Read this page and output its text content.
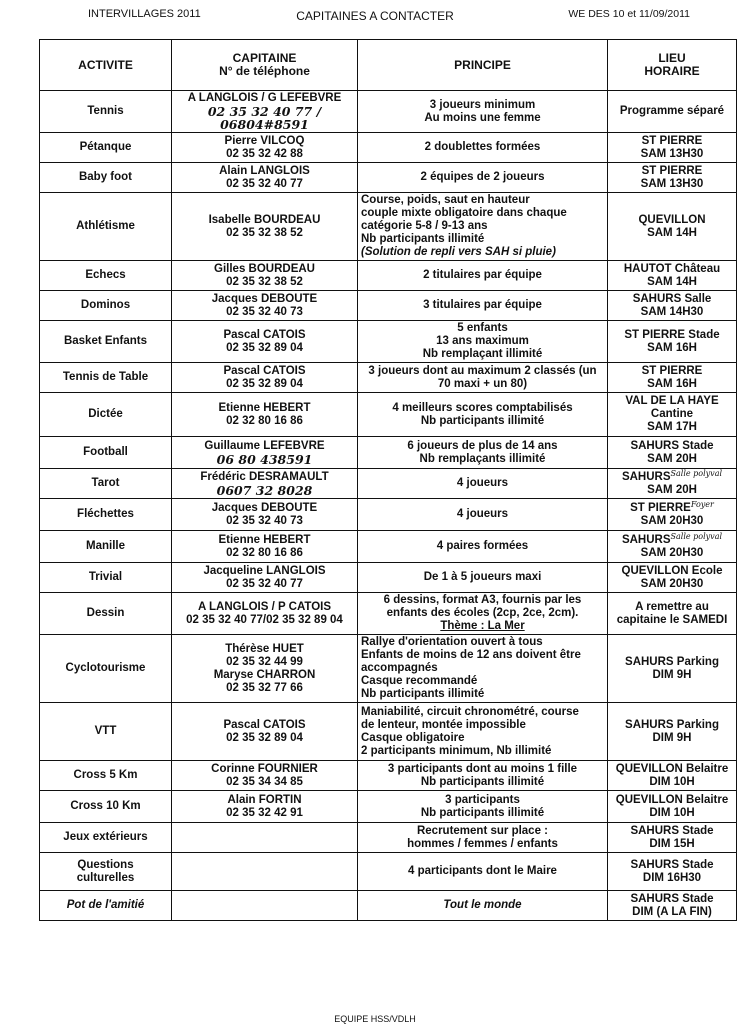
INTERVILLAGES 2011	CAPITAINES A CONTACTER	WE DES 10 et 11/09/2011
ACTIVITE	CAPITAINE
N° de téléphone	PRINCIPE	LIEU
HORAIRE

Tennis	A LANGLOIS / G LEFEBVRE
02 35 32 40 77 / 06804#8591	3 joueurs minimum
Au moins une femme	Programme séparé

Pétanque	Pierre VILCOQ
02 35 32 42 88	2 doublettes formées	ST PIERRE
SAM 13H30

Baby foot	Alain LANGLOIS
02 35 32 40 77	2 équipes de 2 joueurs	ST PIERRE
SAM 13H30

Athlétisme	Isabelle BOURDEAU
02 35 32 38 52	Course, poids, saut en hauteur
couple mixte obligatoire dans chaque
catégorie 5-8 / 9-13 ans
Nb participants illimité
(Solution de repli vers SAH si pluie)	QUEVILLON
SAM 14H

Echecs	Gilles BOURDEAU
02 35 32 38 52	2 titulaires par équipe	HAUTOT Château
SAM 14H

Dominos	Jacques DEBOUTE
02 35 32 40 73	3 titulaires par équipe	SAHURS Salle
SAM 14H30

Basket Enfants	Pascal CATOIS
02 35 32 89 04	5 enfants
13 ans maximum
Nb remplaçant illimité	ST PIERRE Stade
SAM 16H

Tennis de Table	Pascal CATOIS
02 35 32 89 04	3 joueurs dont au maximum 2 classés (un
70 maxi + un 80)	ST PIERRE
SAM 16H

Dictée	Etienne HEBERT
02 32 80 16 86	4 meilleurs scores comptabilisés
Nb participants illimité	VAL DE LA HAYE
Cantine
SAM 17H

Football	Guillaume LEFEBVRE
06 80 438591	6 joueurs de plus de 14 ans
Nb remplaçants illimité	SAHURS Stade
SAM 20H

Tarot	Frédéric DESRAMAULT
0607 32 8028	4 joueurs	SAHURS$^{Salle polyval}$
SAM 20H

Fléchettes	Jacques DEBOUTE
02 35 32 40 73	4 joueurs	ST PIERRE$^{Foyer}$
SAM 20H30

Manille	Etienne HEBERT
02 32 80 16 86	4 paires formées	SAHURS$^{Salle polyval}$
SAM 20H30

Trivial	Jacqueline LANGLOIS
02 35 32 40 77	De 1 à 5 joueurs maxi	QUEVILLON Ecole
SAM 20H30

Dessin	A LANGLOIS / P CATOIS
02 35 32 40 77/02 35 32 89 04	6 dessins, format A3, fournis par les
enfants des écoles (2cp, 2ce, 2cm).
Thème : La Mer	A remettre au
capitaine le SAMEDI

Cyclotourisme	Thérèse HUET
02 35 32 44 99
Maryse CHARRON
02 35 32 77 66	Rallye d'orientation ouvert à tous
Enfants de moins de 12 ans doivent être
accompagnés
Casque recommandé
Nb participants illimité	SAHURS Parking
DIM 9H

VTT	Pascal CATOIS
02 35 32 89 04	Maniabilité, circuit chronométré, course
de lenteur, montée impossible
Casque obligatoire
2 participants minimum, Nb illimité	SAHURS Parking
DIM 9H

Cross 5 Km	Corinne FOURNIER
02 35 34 34 85	3 participants dont au moins 1 fille
Nb participants illimité	QUEVILLON Belaitre
DIM 10H

Cross 10 Km	Alain FORTIN
02 35 32 42 91	3 participants
Nb participants illimité	QUEVILLON Belaitre
DIM 10H

Jeux extérieurs		Recrutement sur place :
hommes / femmes / enfants	SAHURS Stade
DIM 15H

Questions
culturelles		4 participants dont le Maire	SAHURS Stade
DIM 16H30

Pot de l'amitié		Tout le monde	SAHURS Stade
DIM (A LA FIN)
EQUIPE HSS/VDLH
